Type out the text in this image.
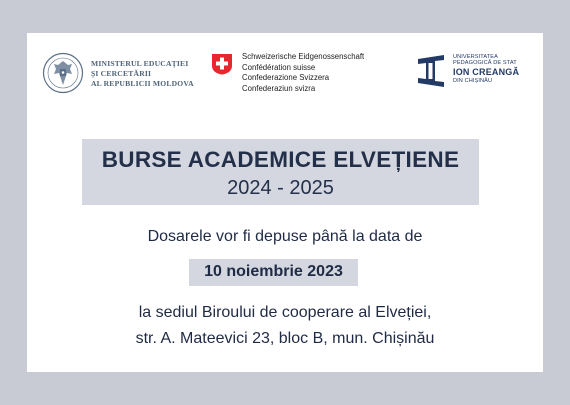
MINISTERUL EDUCAȚIEI
ȘI CERCETĂRII
AL REPUBLICII MOLDOVA
Schweizerische Eidgenossenschaft
Confédération suisse
Confederazione Svizzera
Confederaziun svizra
UNIVERSITATEA
PEDAGOGICĂ DE STAT
ION CREANGĂ
DIN CHIȘINĂU
BURSE ACADEMICE ELVEȚIENE
2024 - 2025
Dosarele vor fi depuse până la data de
10 noiembrie 2023
la sediul Biroului de cooperare al Elveției,
str. A. Mateevici 23, bloc B, mun. Chișinău
